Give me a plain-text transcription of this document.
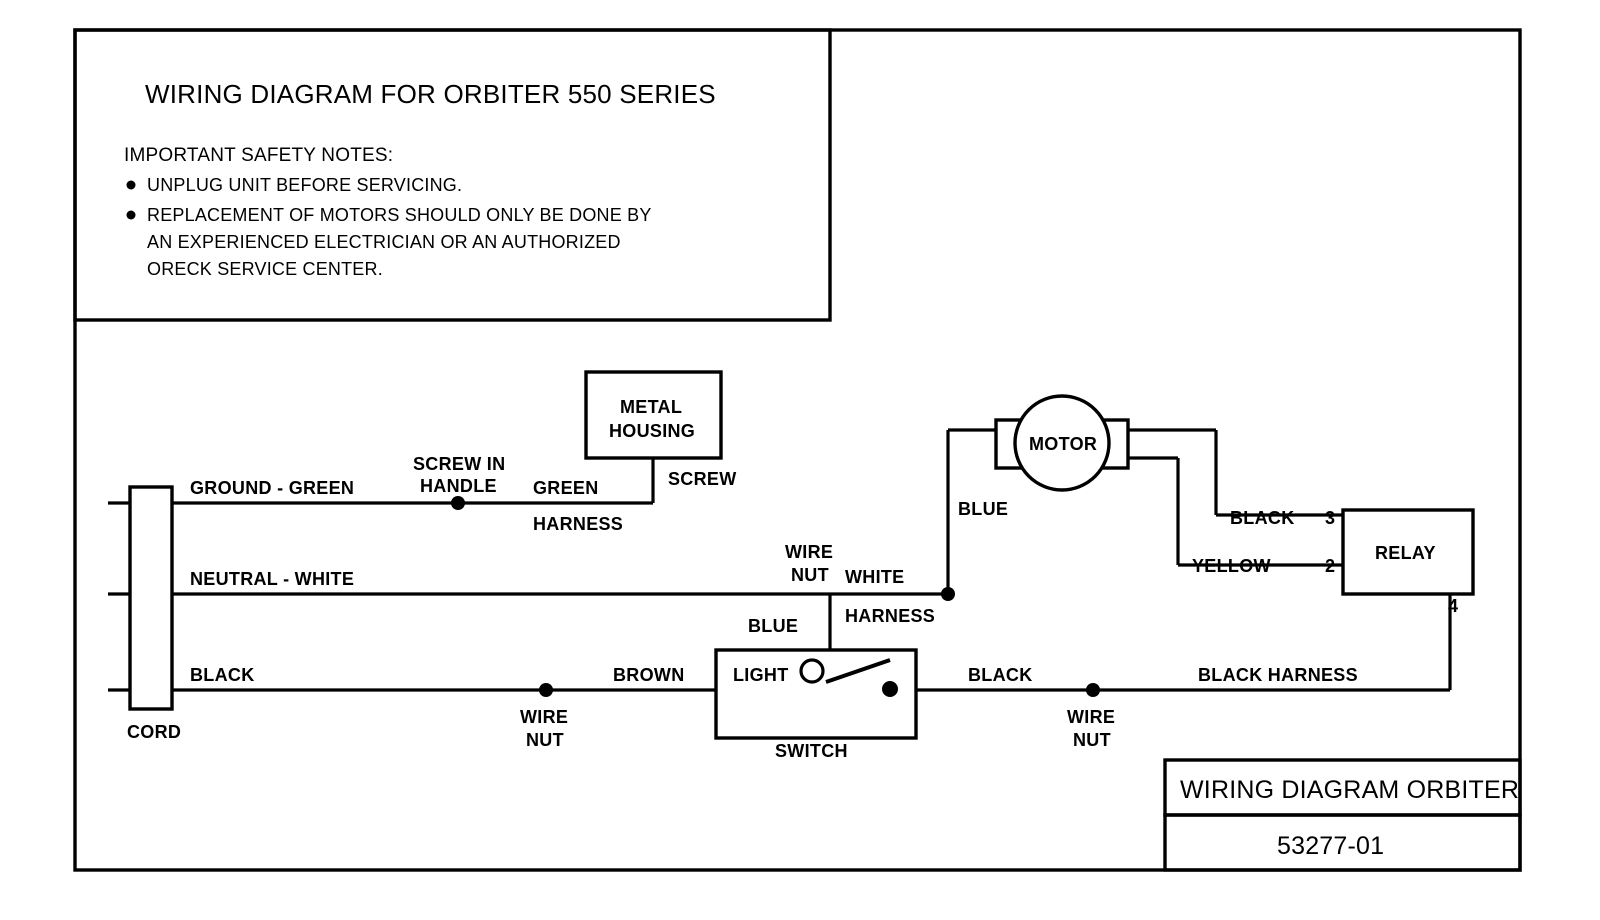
WIRING DIAGRAM FOR ORBITER 550 SERIES
IMPORTANT SAFETY NOTES:
UNPLUG UNIT BEFORE SERVICING.
REPLACEMENT OF MOTORS SHOULD ONLY BE DONE BY
AN EXPERIENCED ELECTRICIAN OR AN AUTHORIZED
ORECK SERVICE CENTER.
CORD
GROUND - GREEN
SCREW IN
HANDLE GREEN
HARNESS
METAL
HOUSING
SCREW
NEUTRAL - WHITE
WIRE
NUT WHITE
HARNESS
BLUE
BLUE
MOTOR
BLACK 3
YELLOW	2
RELAY
4
BLACK
WIRE
NUT
BROWN	LIGHT
SWITCH
BLACK
WIRE
NUT
BLACK HARNESS
WIRING DIAGRAM ORBITER
53277-01
